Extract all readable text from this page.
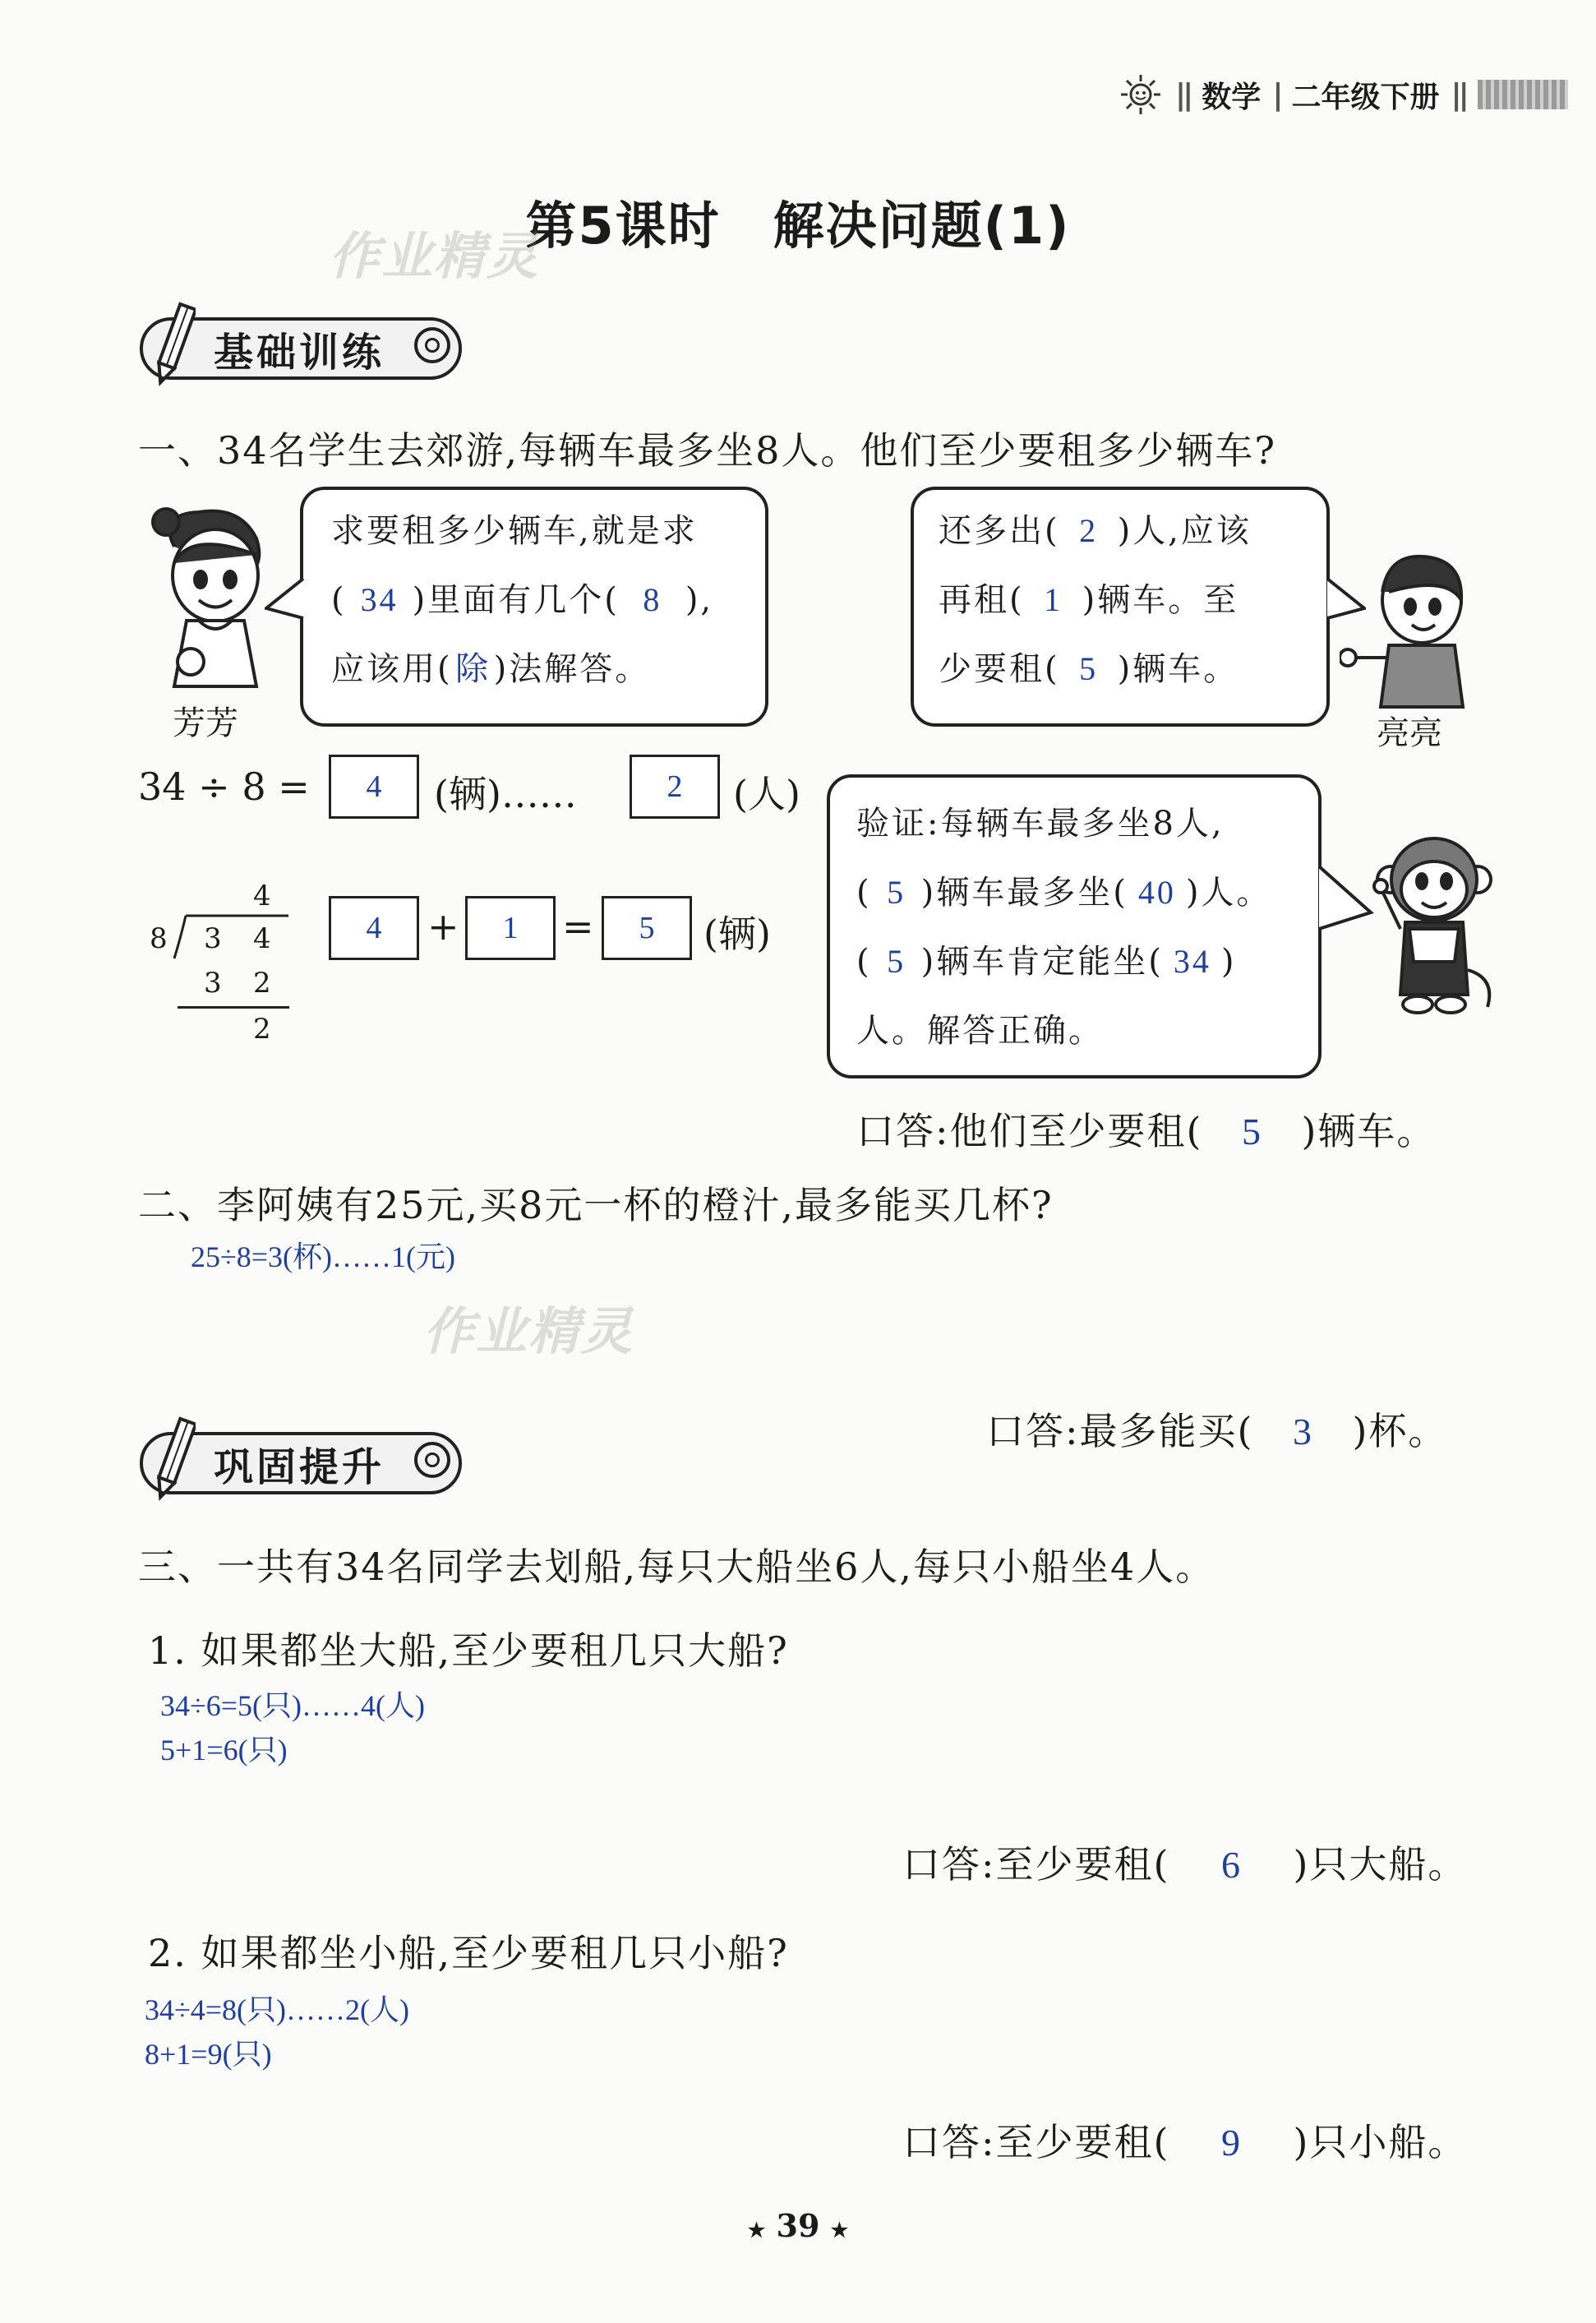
|| 数学 | 二年级下册 ||
第5课时　解决问题(1)
作业精灵
基础训练
一、34名学生去郊游,每辆车最多坐8人。他们至少要租多少辆车?
芳芳
求要租多少辆车,就是求
( 34 )里面有几个( 8 ),
应该用(除)法解答。
还多出( 2 )人,应该
再租( 1 )辆车。至
少要租( 5 )辆车。
亮亮
34 ÷ 8 =	4	(辆)……	2	(人)
4
8 3 4
3 2
2
4	+	1	=	5	(辆)
验证:每辆车最多坐8人,
( 5 )辆车最多坐( 40 )人。
( 5 )辆车肯定能坐( 34 )
人。解答正确。
口答:他们至少要租( 5 )辆车。
二、李阿姨有25元,买8元一杯的橙汁,最多能买几杯?
25÷8=3(杯)……1(元)
作业精灵
口答:最多能买( 3 )杯。
巩固提升
三、一共有34名同学去划船,每只大船坐6人,每只小船坐4人。
1. 如果都坐大船,至少要租几只大船?
34÷6=5(只)……4(人)
5+1=6(只)
口答:至少要租( 6 )只大船。
2. 如果都坐小船,至少要租几只小船?
34÷4=8(只)……2(人)
8+1=9(只)
口答:至少要租( 9 )只小船。
★ 39 ★
